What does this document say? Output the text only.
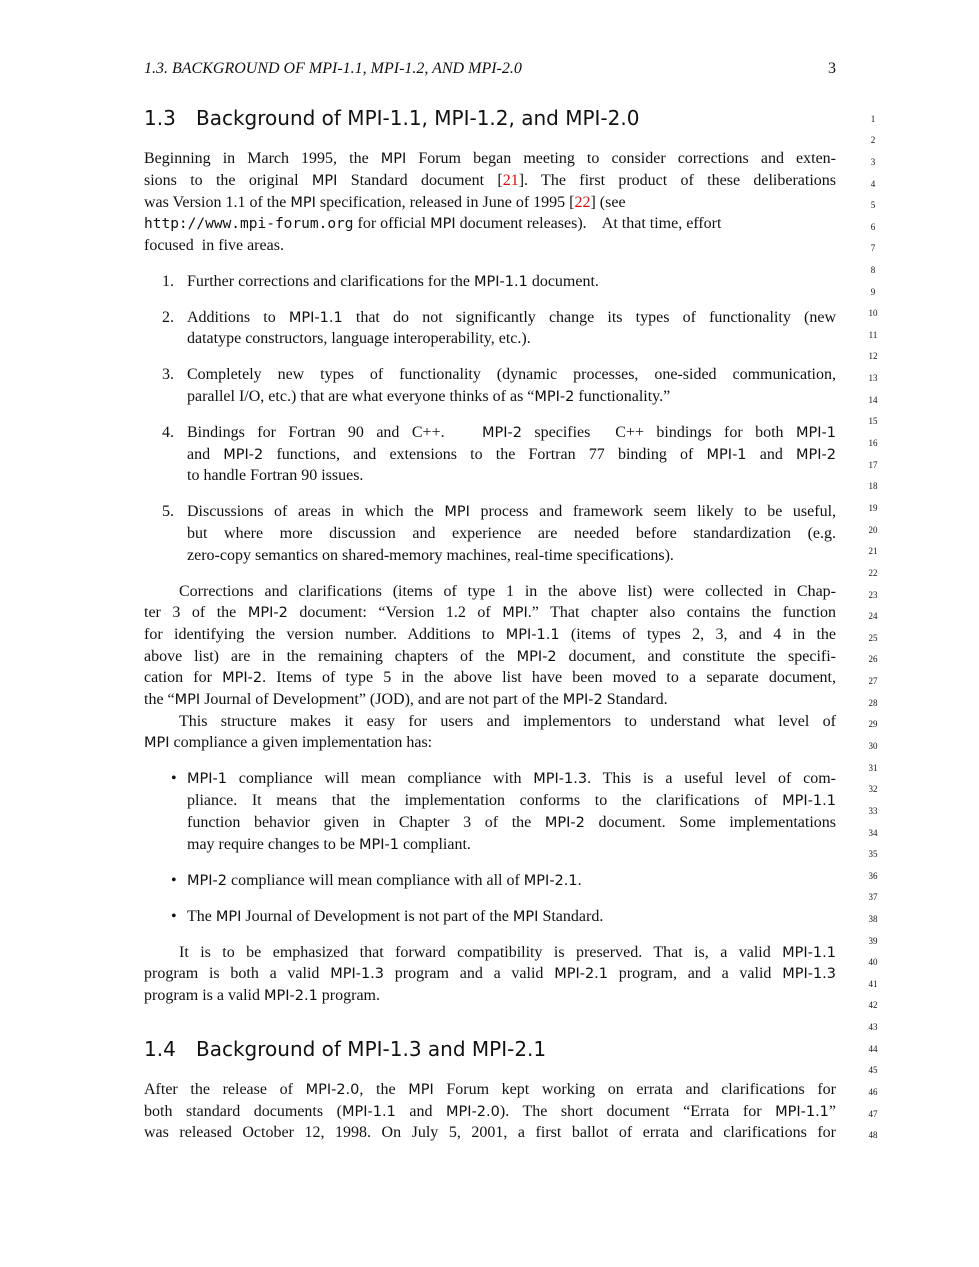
1.3. BACKGROUND OF MPI-1.1, MPI-1.2, AND MPI-2.0	3
1.3 Background of MPI-1.1, MPI-1.2, and MPI-2.0
Beginning in March 1995, the MPI Forum began meeting to consider corrections and exten-
sions to the original MPI Standard document [21]. The first product of these deliberations
was Version 1.1 of the MPI specification, released in June of 1995 [22] (see
http://www.mpi-forum.org for official MPI document releases).    At that time, effort
focused  in five areas.
1. Further corrections and clarifications for the MPI-1.1 document.
2. Additions to MPI-1.1 that do not significantly change its types of functionality (new
datatype constructors, language interoperability, etc.).
3. Completely new types of functionality (dynamic processes, one-sided communication,
parallel I/O, etc.) that are what everyone thinks of as “MPI-2 functionality.”
4. Bindings for Fortran 90 and C++.   MPI-2 specifies  C++ bindings for both MPI-1
and MPI-2 functions, and extensions to the Fortran 77 binding of MPI-1 and MPI-2
to handle Fortran 90 issues.
5. Discussions of areas in which the MPI process and framework seem likely to be useful,
but where more discussion and experience are needed before standardization (e.g.
zero-copy semantics on shared-memory machines, real-time specifications).
Corrections and clarifications (items of type 1 in the above list) were collected in Chap-
ter 3 of the MPI-2 document: “Version 1.2 of MPI.” That chapter also contains the function
for identifying the version number. Additions to MPI-1.1 (items of types 2, 3, and 4 in the
above list) are in the remaining chapters of the MPI-2 document, and constitute the specifi-
cation for MPI-2. Items of type 5 in the above list have been moved to a separate document,
the “MPI Journal of Development” (JOD), and are not part of the MPI-2 Standard.
This structure makes it easy for users and implementors to understand what level of
MPI compliance a given implementation has:
• MPI-1 compliance will mean compliance with MPI-1.3. This is a useful level of com-
pliance. It means that the implementation conforms to the clarifications of MPI-1.1
function behavior given in Chapter 3 of the MPI-2 document. Some implementations
may require changes to be MPI-1 compliant.
• MPI-2 compliance will mean compliance with all of MPI-2.1.
• The MPI Journal of Development is not part of the MPI Standard.
It is to be emphasized that forward compatibility is preserved. That is, a valid MPI-1.1
program is both a valid MPI-1.3 program and a valid MPI-2.1 program, and a valid MPI-1.3
program is a valid MPI-2.1 program.
1.4 Background of MPI-1.3 and MPI-2.1
After the release of MPI-2.0, the MPI Forum kept working on errata and clarifications for
both standard documents (MPI-1.1 and MPI-2.0). The short document “Errata for MPI-1.1”
was released October 12, 1998. On July 5, 2001, a first ballot of errata and clarifications for
1
2
3
4
5
6
7
8
9
10
11
12
13
14
15
16
17
18
19
20
21
22
23
24
25
26
27
28
29
30
31
32
33
34
35
36
37
38
39
40
41
42
43
44
45
46
47
48
